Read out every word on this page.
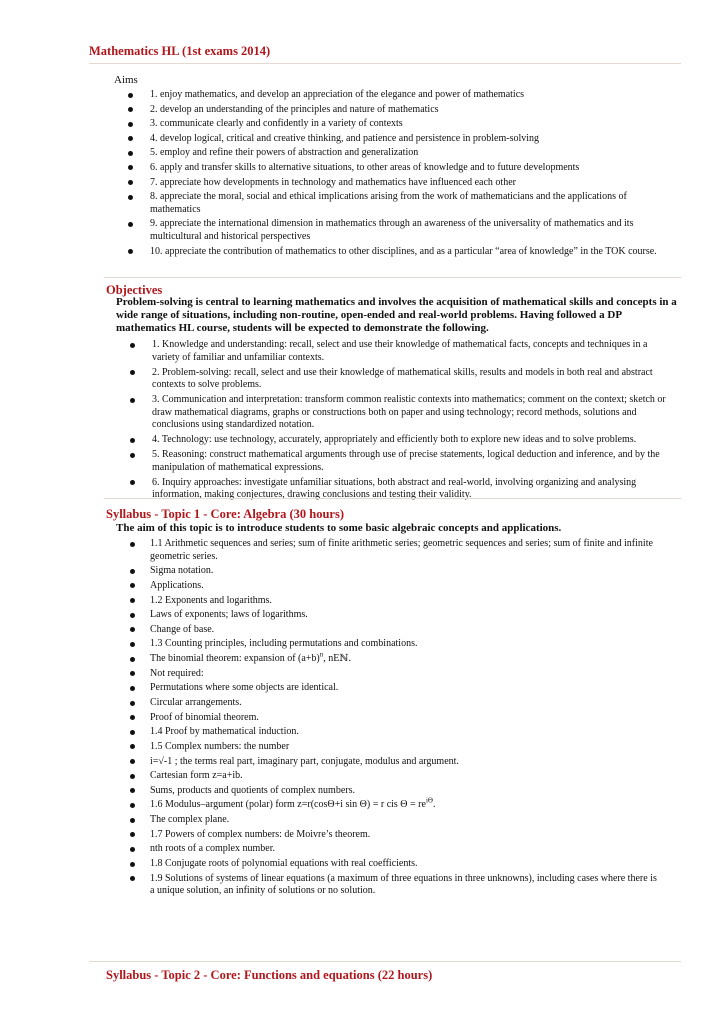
Mathematics HL (1st exams 2014)
Aims
1. enjoy mathematics, and develop an appreciation of the elegance and power of mathematics
2. develop an understanding of the principles and nature of mathematics
3. communicate clearly and confidently in a variety of contexts
4. develop logical, critical and creative thinking, and patience and persistence in problem-solving
5. employ and refine their powers of abstraction and generalization
6. apply and transfer skills to alternative situations, to other areas of knowledge and to future developments
7. appreciate how developments in technology and mathematics have influenced each other
8. appreciate the moral, social and ethical implications arising from the work of mathematicians and the applications of mathematics
9. appreciate the international dimension in mathematics through an awareness of the universality of mathematics and its multicultural and historical perspectives
10. appreciate the contribution of mathematics to other disciplines, and as a particular “area of knowledge” in the TOK course.
Objectives
Problem-solving is central to learning mathematics and involves the acquisition of mathematical skills and concepts in a wide range of situations, including non-routine, open-ended and real-world problems. Having followed a DP mathematics HL course, students will be expected to demonstrate the following.
1. Knowledge and understanding: recall, select and use their knowledge of mathematical facts, concepts and techniques in a variety of familiar and unfamiliar contexts.
2. Problem-solving: recall, select and use their knowledge of mathematical skills, results and models in both real and abstract contexts to solve problems.
3. Communication and interpretation: transform common realistic contexts into mathematics; comment on the context; sketch or draw mathematical diagrams, graphs or constructions both on paper and using technology; record methods, solutions and conclusions using standardized notation.
4. Technology: use technology, accurately, appropriately and efficiently both to explore new ideas and to solve problems.
5. Reasoning: construct mathematical arguments through use of precise statements, logical deduction and inference, and by the manipulation of mathematical expressions.
6. Inquiry approaches: investigate unfamiliar situations, both abstract and real-world, involving organizing and analysing information, making conjectures, drawing conclusions and testing their validity.
Syllabus - Topic 1 - Core: Algebra (30 hours)
The aim of this topic is to introduce students to some basic algebraic concepts and applications.
1.1 Arithmetic sequences and series; sum of finite arithmetic series; geometric sequences and series; sum of finite and infinite geometric series.
Sigma notation.
Applications.
1.2 Exponents and logarithms.
Laws of exponents; laws of logarithms.
Change of base.
1.3 Counting principles, including permutations and combinations.
The binomial theorem: expansion of $(a+b)^n$, nEℕ.
Not required:
Permutations where some objects are identical.
Circular arrangements.
Proof of binomial theorem.
1.4 Proof by mathematical induction.
1.5 Complex numbers: the number
i=√-1 ; the terms real part, imaginary part, conjugate, modulus and argument.
Cartesian form z=a+ib.
Sums, products and quotients of complex numbers.
1.6 Modulus–argument (polar) form z=r(cosΘ+i sin Θ) = r cis $\Theta = re^{i\Theta}$.
The complex plane.
1.7 Powers of complex numbers: de Moivre’s theorem.
nth roots of a complex number.
1.8 Conjugate roots of polynomial equations with real coefficients.
1.9 Solutions of systems of linear equations (a maximum of three equations in three unknowns), including cases where there is a unique solution, an infinity of solutions or no solution.
Syllabus - Topic 2 - Core: Functions and equations (22 hours)
